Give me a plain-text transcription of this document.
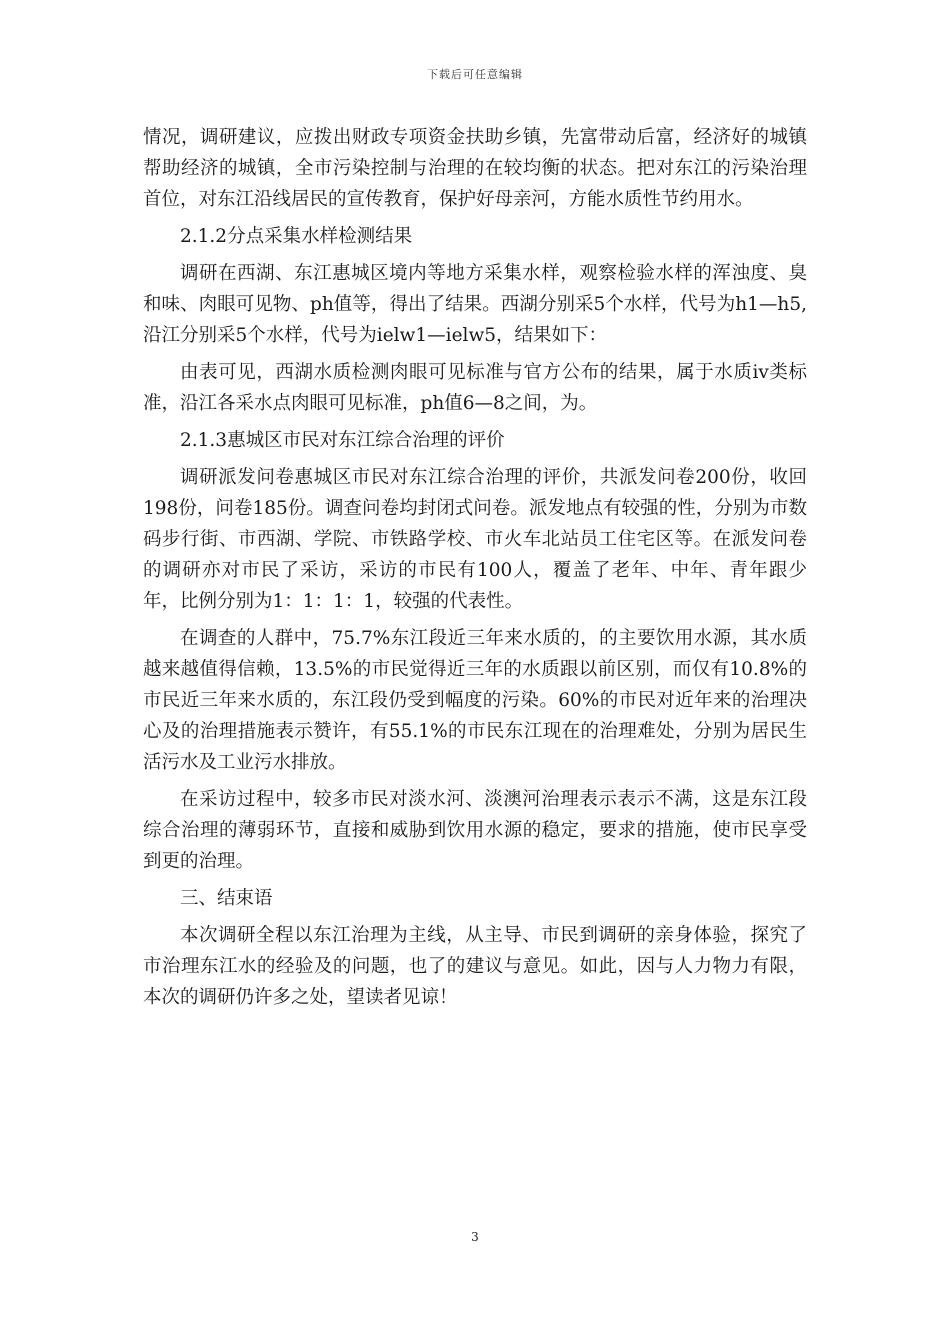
下载后可任意编辑

情况，调研建议，应拨出财政专项资金扶助乡镇，先富带动后富，经济好的城镇帮助经济的城镇，全市污染控制与治理的在较均衡的状态。把对东江的污染治理首位，对东江沿线居民的宣传教育，保护好母亲河，方能水质性节约用水。

2.1.2分点采集水样检测结果

调研在西湖、东江惠城区境内等地方采集水样，观察检验水样的浑浊度、臭和味、肉眼可见物、ph值等，得出了结果。西湖分别采5个水样，代号为h1—h5,沿江分别采5个水样，代号为ielw1—ielw5，结果如下：

由表可见，西湖水质检测肉眼可见标准与官方公布的结果，属于水质iv类标准，沿江各采水点肉眼可见标准，ph值6—8之间，为。

2.1.3惠城区市民对东江综合治理的评价

调研派发问卷惠城区市民对东江综合治理的评价，共派发问卷200份，收回198份，问卷185份。调查问卷均封闭式问卷。派发地点有较强的性，分别为市数码步行街、市西湖、学院、市铁路学校、市火车北站员工住宅区等。在派发问卷的调研亦对市民了采访，采访的市民有100人，覆盖了老年、中年、青年跟少年，比例分别为1：1：1：1，较强的代表性。

在调查的人群中，75.7%东江段近三年来水质的，的主要饮用水源，其水质越来越值得信赖，13.5%的市民觉得近三年的水质跟以前区别，而仅有10.8%的市民近三年来水质的，东江段仍受到幅度的污染。60%的市民对近年来的治理决心及的治理措施表示赞许，有55.1%的市民东江现在的治理难处，分别为居民生活污水及工业污水排放。

在采访过程中，较多市民对淡水河、淡澳河治理表示表示不满，这是东江段综合治理的薄弱环节，直接和威胁到饮用水源的稳定，要求的措施，使市民享受到更的治理。

三、结束语

本次调研全程以东江治理为主线，从主导、市民到调研的亲身体验，探究了市治理东江水的经验及的问题，也了的建议与意见。如此，因与人力物力有限，本次的调研仍许多之处，望读者见谅！

3
